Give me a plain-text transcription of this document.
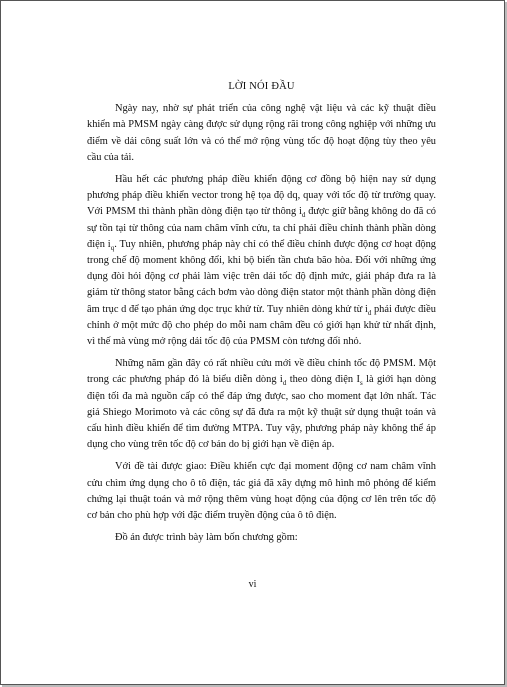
LỜI NÓI ĐẦU

Ngày nay, nhờ sự phát triển của công nghệ vật liệu và các kỹ thuật điều khiển mà PMSM ngày càng được sử dụng rộng rãi trong công nghiệp với những ưu điểm về dải công suất lớn và có thể mở rộng vùng tốc độ hoạt động tùy theo yêu cầu của tải.

Hầu hết các phương pháp điều khiển động cơ đồng bộ hiện nay sử dụng phương pháp điều khiển vector trong hệ tọa độ dq, quay với tốc độ từ trường quay. Với PMSM thì thành phần dòng điện tạo từ thông $i_d$ được giữ bằng không do đã có sự tồn tại từ thông của nam châm vĩnh cửu, ta chỉ phải điều chỉnh thành phần dòng điện $i_q$. Tuy nhiên, phương pháp này chỉ có thể điều chỉnh được động cơ hoạt động trong chế độ moment không đổi, khi bộ biến tần chưa bão hòa. Đối với những ứng dụng đòi hỏi động cơ phải làm việc trên dải tốc độ định mức, giải pháp đưa ra là giảm từ thông stator bằng cách bơm vào dòng điện stator một thành phần dòng điện âm trục d để tạo phản ứng dọc trục khử từ. Tuy nhiên dòng khử từ $i_d$ phải được điều chỉnh ở một mức độ cho phép do mỗi nam châm đều có giới hạn khử từ nhất định, vì thế mà vùng mở rộng dải tốc độ của PMSM còn tương đối nhỏ.

Những năm gần đây có rất nhiều cứu mới về điều chỉnh tốc độ PMSM. Một trong các phương pháp đó là biểu diễn dòng $i_d$ theo dòng điện $I_s$ là giới hạn dòng điện tối đa mà nguồn cấp có thể đáp ứng được, sao cho moment đạt lớn nhất. Tác giả Shiego Morimoto và các công sự đã đưa ra một kỹ thuật sử dụng thuật toán và cấu hình điều khiển để tìm đường MTPA. Tuy vậy, phương pháp này không thể áp dụng cho vùng trên tốc độ cơ bản do bị giới hạn về điện áp.

Với đề tài được giao: Điều khiển cực đại moment động cơ nam châm vĩnh cửu chìm ứng dụng cho ô tô điện, tác giả đã xây dựng mô hình mô phỏng để kiểm chứng lại thuật toán và mở rộng thêm vùng hoạt động của động cơ lên trên tốc độ cơ bản cho phù hợp với đặc điểm truyền động của ô tô điện.

Đồ án được trình bày làm bốn chương gồm:

vi
